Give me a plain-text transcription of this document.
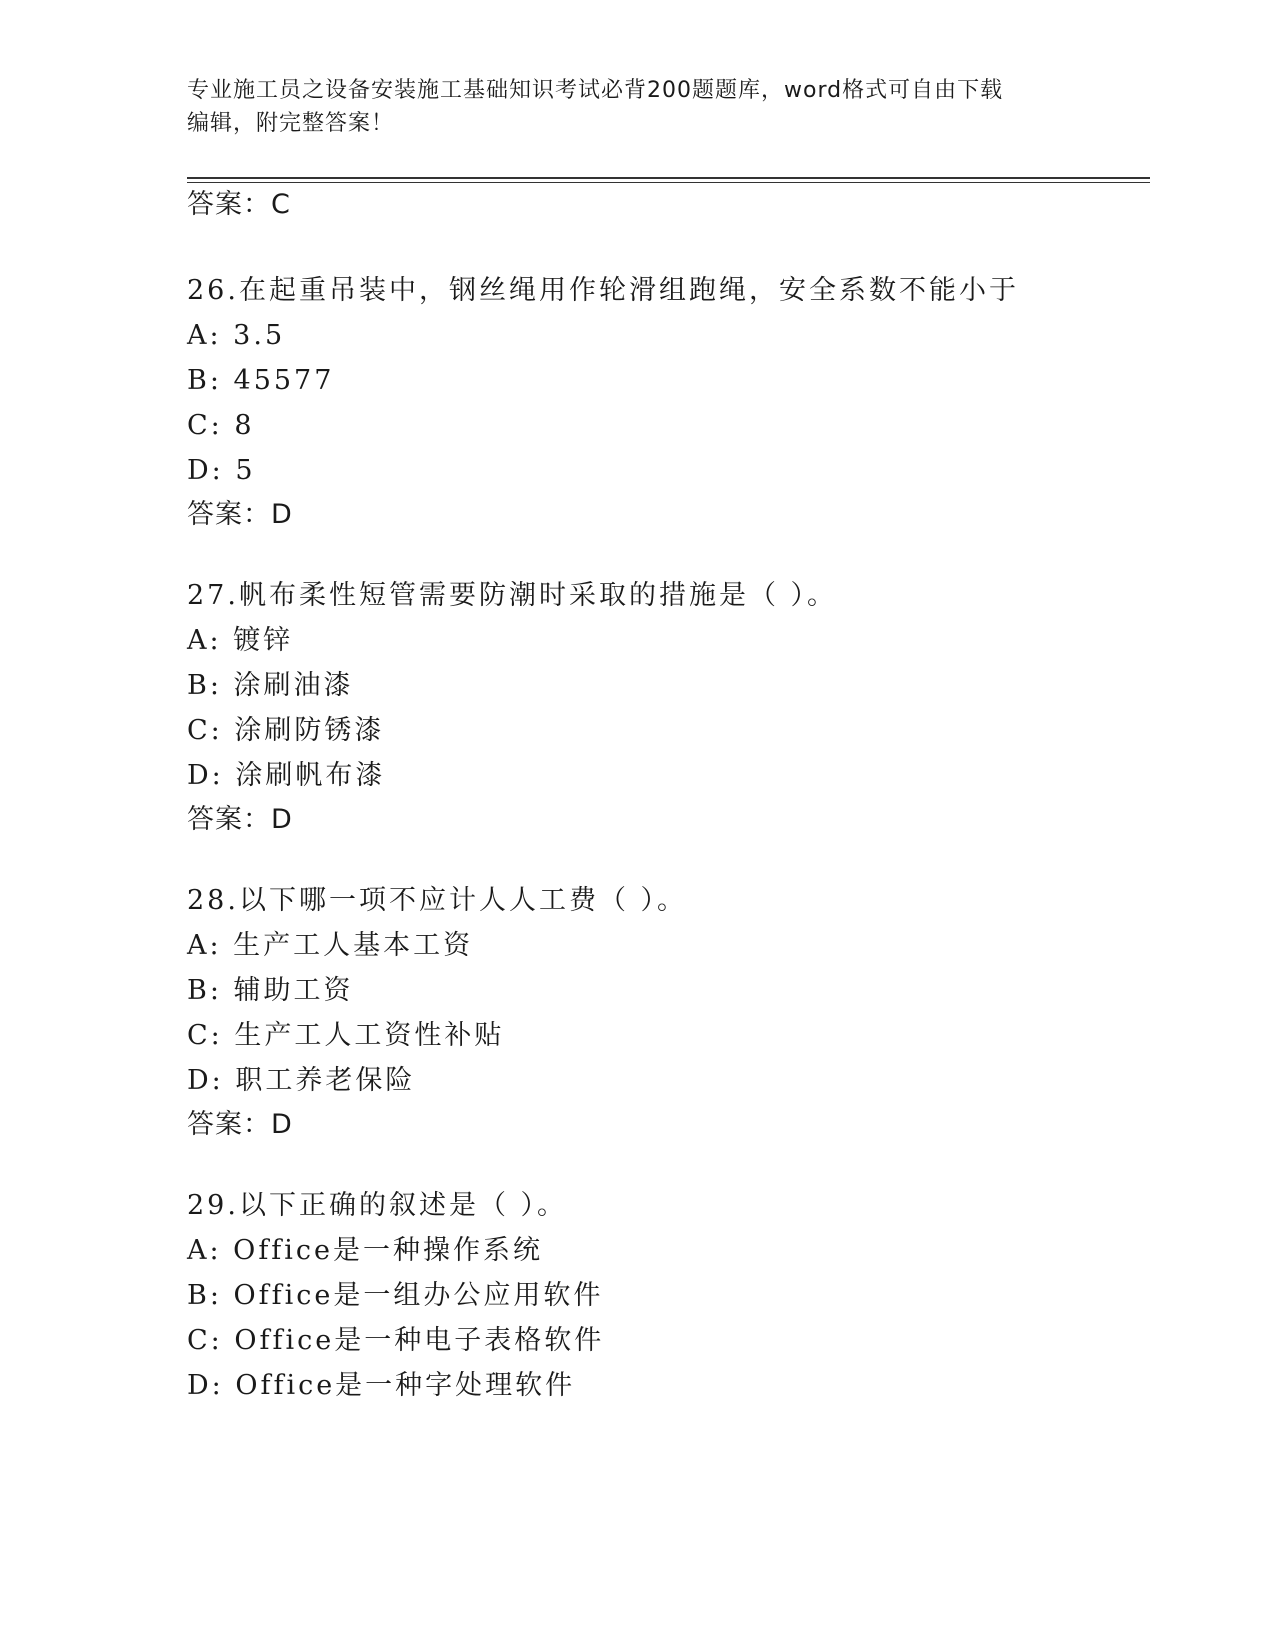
专业施工员之设备安装施工基础知识考试必背200题题库，word格式可自由下载
编辑，附完整答案！
答案：C
26.在起重吊装中，钢丝绳用作轮滑组跑绳，安全系数不能小于
A: 3.5
B: 45577
C: 8
D: 5
答案：D
27.帆布柔性短管需要防潮时采取的措施是（ ）。
A: 镀锌
B: 涂刷油漆
C: 涂刷防锈漆
D: 涂刷帆布漆
答案：D
28.以下哪一项不应计人人工费（ ）。
A: 生产工人基本工资
B: 辅助工资
C: 生产工人工资性补贴
D: 职工养老保险
答案：D
29.以下正确的叙述是（ ）。
A: Office是一种操作系统
B: Office是一组办公应用软件
C: Office是一种电子表格软件
D: Office是一种字处理软件
